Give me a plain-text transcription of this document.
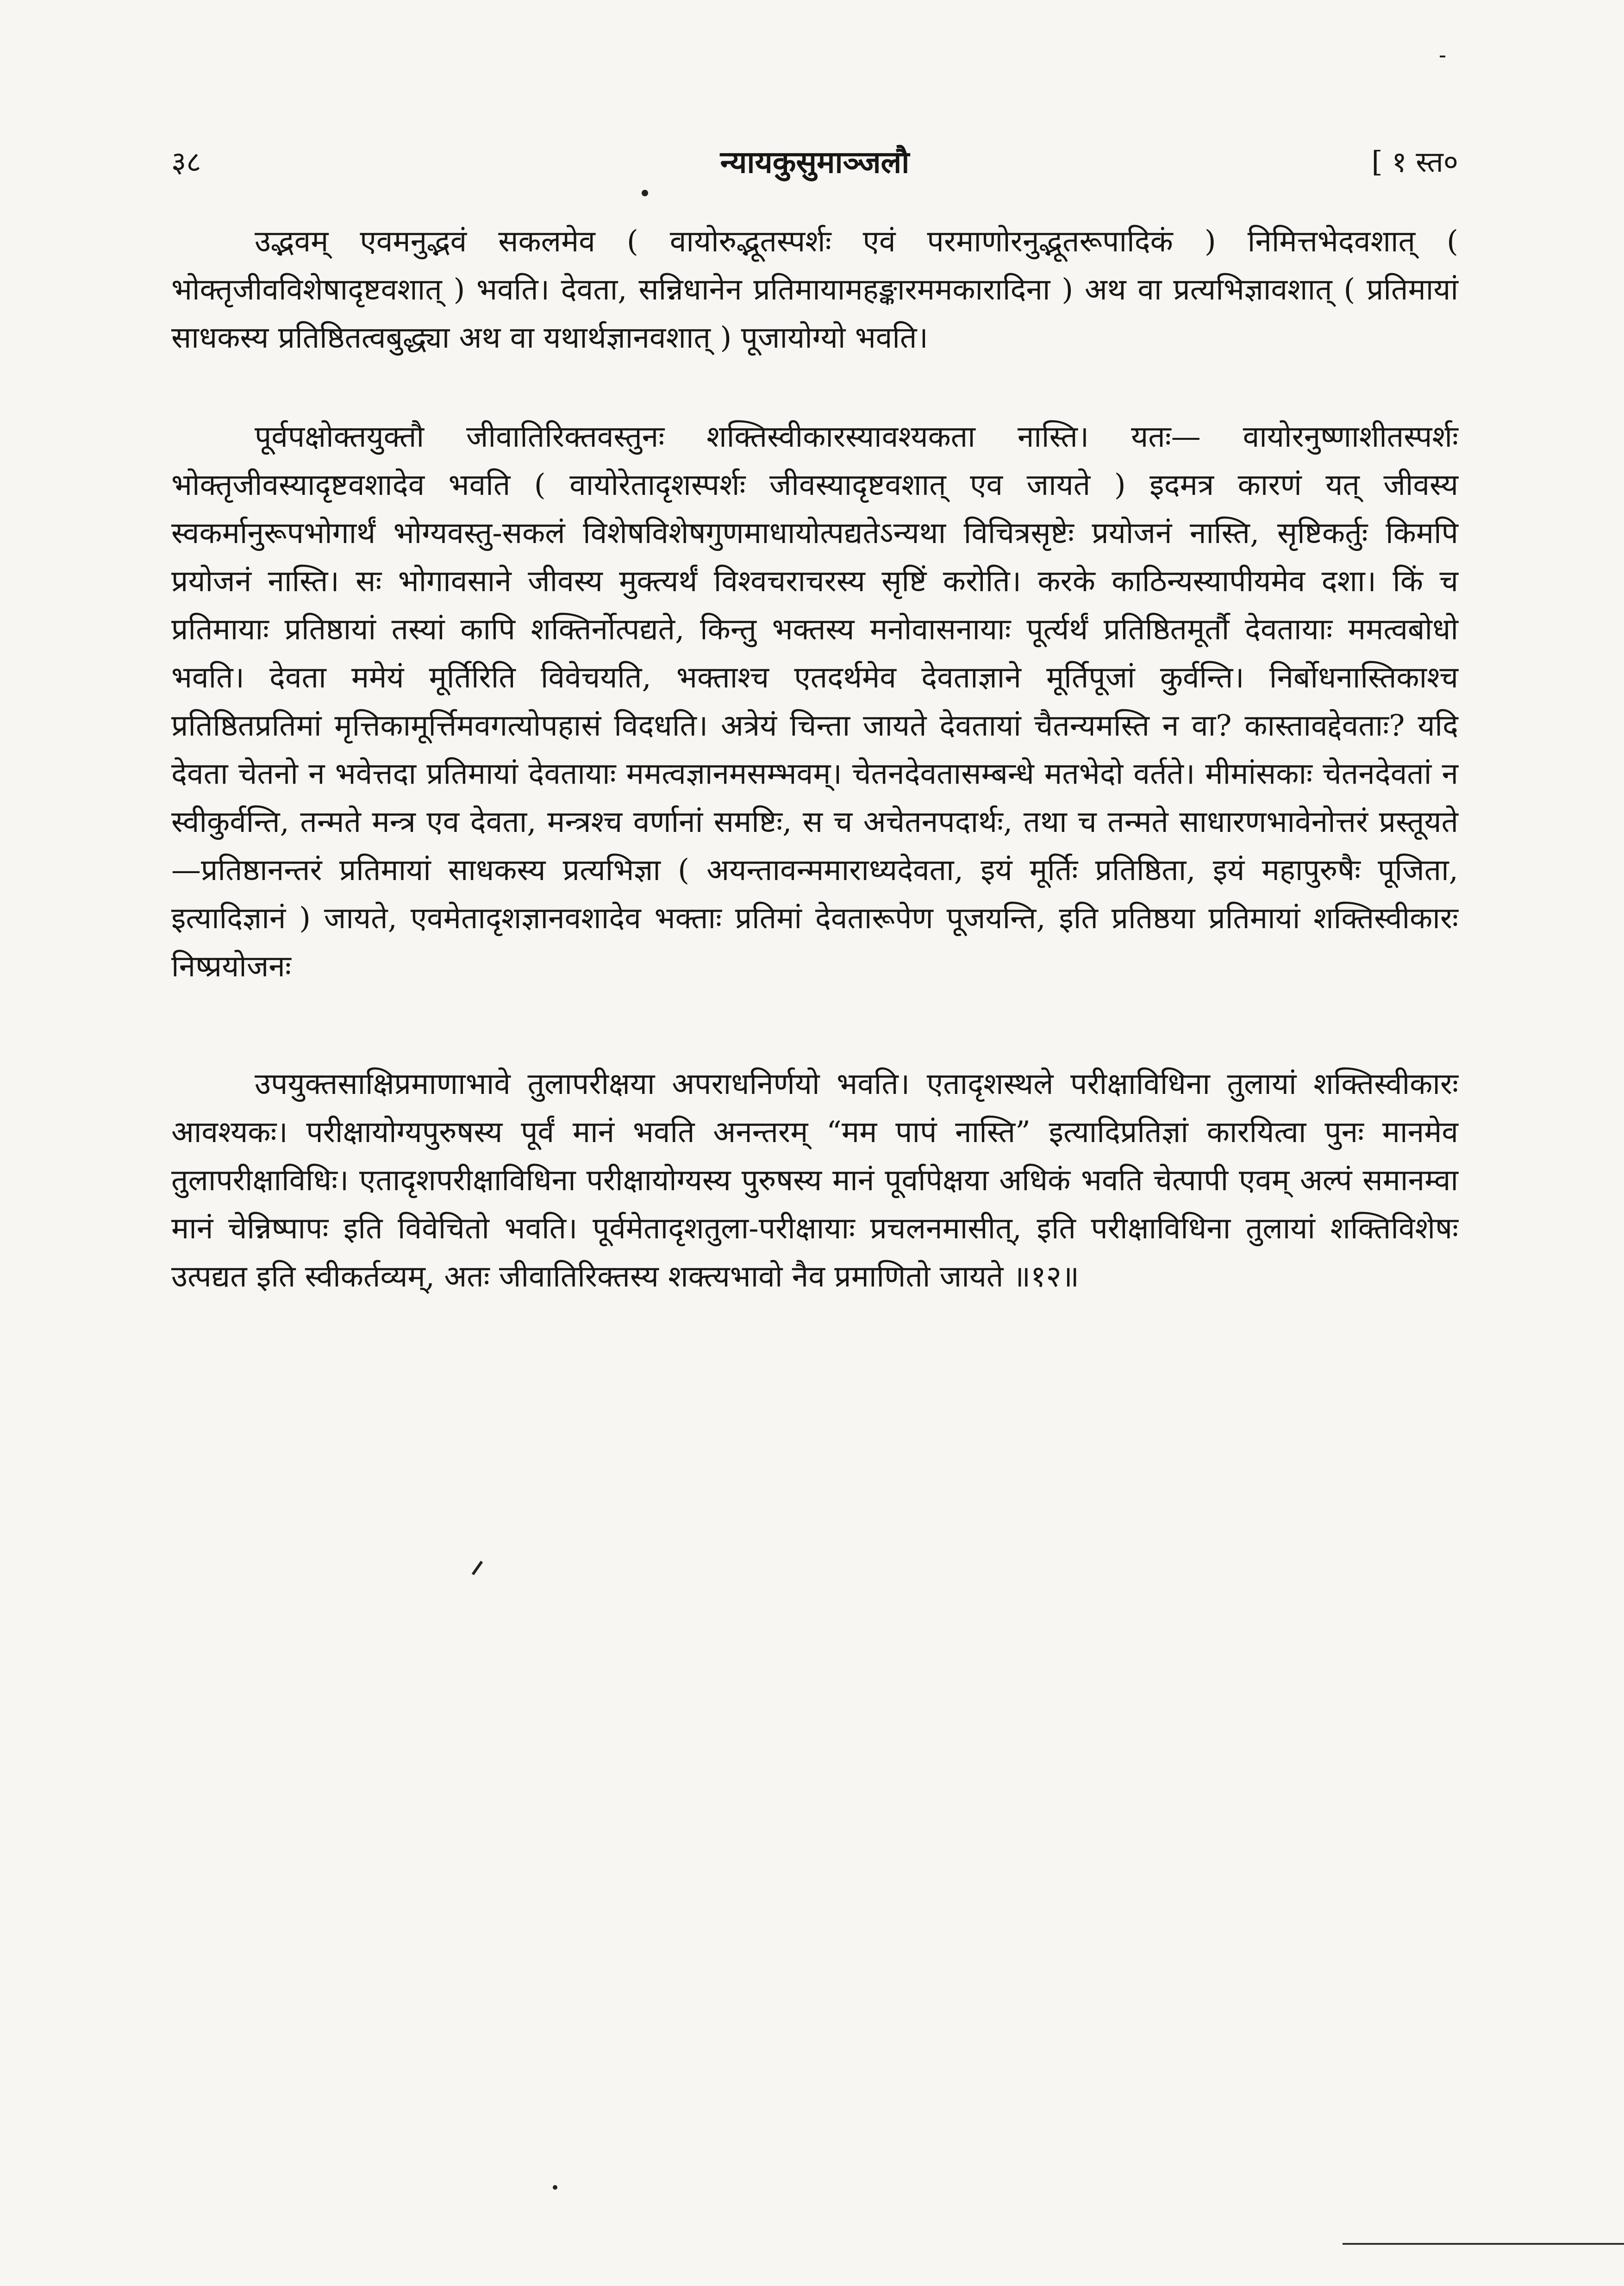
३८	न्यायकुसुमाञ्जलौ	[ १ स्त०

उद्भवम् एवमनुद्भवं सकलमेव ( वायोरुद्भूतस्पर्शः एवं परमाणोरनुद्भूतरूपादिकं ) निमित्तभेदवशात् ( भोक्तृजीवविशेषादृष्टवशात् ) भवति। देवता, सन्निधानेन प्रतिमायामहङ्कारममकारादिना ) अथ वा प्रत्यभिज्ञावशात् ( प्रतिमायां साधकस्य प्रतिष्ठितत्वबुद्ध्या अथ वा यथार्थज्ञानवशात् ) पूजायोग्यो भवति।

पूर्वपक्षोक्तयुक्तौ जीवातिरिक्तवस्तुनः शक्तिस्वीकारस्यावश्यकता नास्ति। यतः— वायोरनुष्णाशीतस्पर्शः भोक्तृजीवस्यादृष्टवशादेव भवति ( वायोरेतादृशस्पर्शः जीवस्यादृष्टवशात् एव जायते ) इदमत्र कारणं यत् जीवस्य स्वकर्मानुरूपभोगार्थं भोग्यवस्तु-सकलं विशेषविशेषगुणमाधायोत्पद्यतेऽन्यथा विचित्रसृष्टेः प्रयोजनं नास्ति, सृष्टिकर्तुः किमपि प्रयोजनं नास्ति। सः भोगावसाने जीवस्य मुक्त्यर्थं विश्वचराचरस्य सृष्टिं करोति। करके काठिन्यस्यापीयमेव दशा। किं च प्रतिमायाः प्रतिष्ठायां तस्यां कापि शक्तिर्नोत्पद्यते, किन्तु भक्तस्य मनोवासनायाः पूर्त्यर्थं प्रतिष्ठितमूर्तौ देवतायाः ममत्वबोधो भवति। देवता ममेयं मूर्तिरिति विवेचयति, भक्ताश्च एतदर्थमेव देवताज्ञाने मूर्तिपूजां कुर्वन्ति। निर्बोधनास्तिकाश्च प्रतिष्ठितप्रतिमां मृत्तिकामूर्त्तिमवगत्योपहासं विदधति। अत्रेयं चिन्ता जायते देवतायां चैतन्यमस्ति न वा? कास्तावद्देवताः? यदि देवता चेतनो न भवेत्तदा प्रतिमायां देवतायाः ममत्वज्ञानमसम्भवम्। चेतनदेवतासम्बन्धे मतभेदो वर्तते। मीमांसकाः चेतनदेवतां न स्वीकुर्वन्ति, तन्मते मन्त्र एव देवता, मन्त्रश्च वर्णानां समष्टिः, स च अचेतनपदार्थः, तथा च तन्मते साधारणभावेनोत्तरं प्रस्तूयते—प्रतिष्ठानन्तरं प्रतिमायां साधकस्य प्रत्यभिज्ञा ( अयन्तावन्ममाराध्यदेवता, इयं मूर्तिः प्रतिष्ठिता, इयं महापुरुषैः पूजिता, इत्यादिज्ञानं ) जायते, एवमेतादृशज्ञानवशादेव भक्ताः प्रतिमां देवतारूपेण पूजयन्ति, इति प्रतिष्ठया प्रतिमायां शक्तिस्वीकारः निष्प्रयोजनः

उपयुक्तसाक्षिप्रमाणाभावे तुलापरीक्षया अपराधनिर्णयो भवति। एतादृशस्थले परीक्षाविधिना तुलायां शक्तिस्वीकारः आवश्यकः। परीक्षायोग्यपुरुषस्य पूर्वं मानं भवति अनन्तरम् “मम पापं नास्ति” इत्यादिप्रतिज्ञां कारयित्वा पुनः मानमेव तुलापरीक्षाविधिः। एतादृशपरीक्षाविधिना परीक्षायोग्यस्य पुरुषस्य मानं पूर्वापेक्षया अधिकं भवति चेत्पापी एवम् अल्पं समानम्वा मानं चेन्निष्पापः इति विवेचितो भवति। पूर्वमेतादृशतुला-परीक्षायाः प्रचलनमासीत्, इति परीक्षाविधिना तुलायां शक्तिविशेषः उत्पद्यत इति स्वीकर्तव्यम्, अतः जीवातिरिक्तस्य शक्त्यभावो नैव प्रमाणितो जायते ॥१२॥
